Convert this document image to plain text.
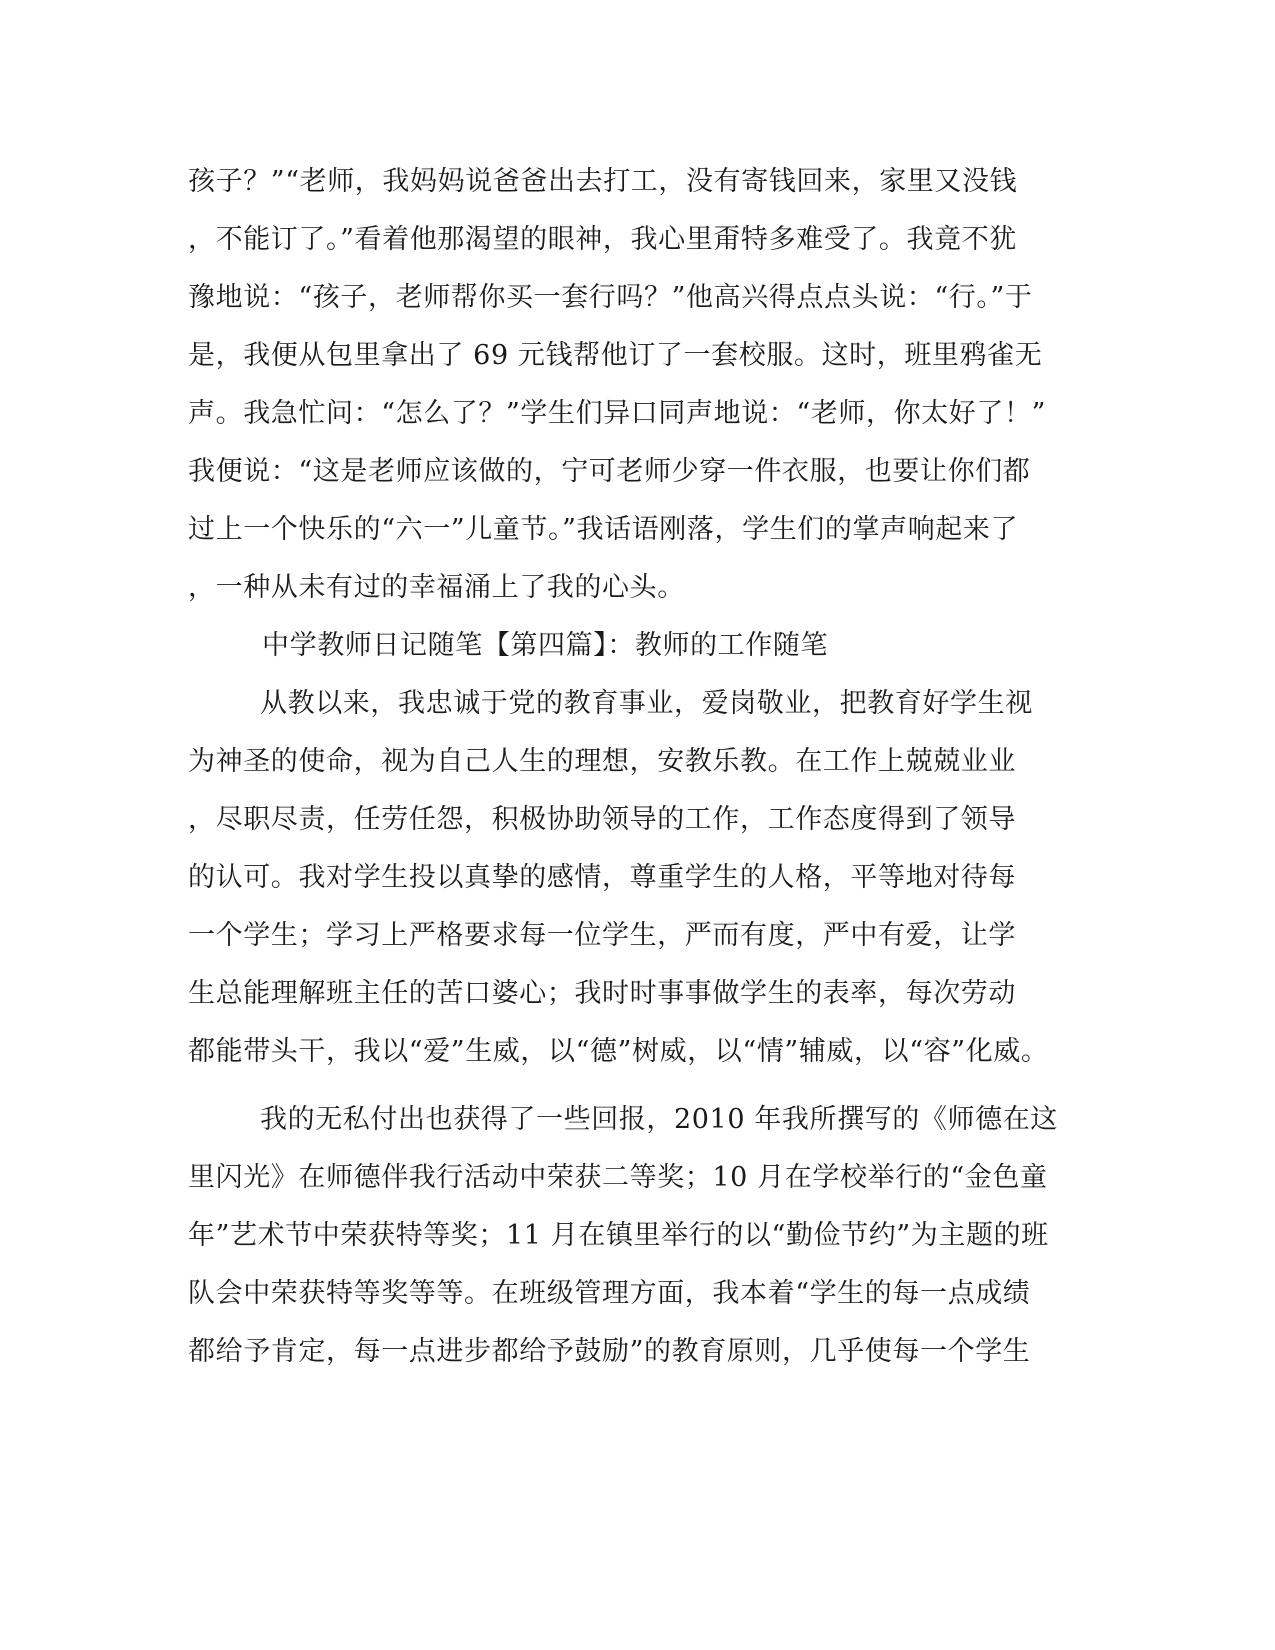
孩子？”“老师，我妈妈说爸爸出去打工，没有寄钱回来，家里又没钱
，不能订了。”看着他那渴望的眼神，我心里甭特多难受了。我竟不犹
豫地说：“孩子，老师帮你买一套行吗？”他高兴得点点头说：“行。”于
是，我便从包里拿出了 69 元钱帮他订了一套校服。这时，班里鸦雀无
声。我急忙问：“怎么了？”学生们异口同声地说：“老师，你太好了！”
我便说：“这是老师应该做的，宁可老师少穿一件衣服，也要让你们都
过上一个快乐的“六一”儿童节。”我话语刚落，学生们的掌声响起来了
，一种从未有过的幸福涌上了我的心头。
中学教师日记随笔【第四篇】：教师的工作随笔
从教以来，我忠诚于党的教育事业，爱岗敬业，把教育好学生视
为神圣的使命，视为自己人生的理想，安教乐教。在工作上兢兢业业
，尽职尽责，任劳任怨，积极协助领导的工作，工作态度得到了领导
的认可。我对学生投以真挚的感情，尊重学生的人格，平等地对待每
一个学生；学习上严格要求每一位学生，严而有度，严中有爱，让学
生总能理解班主任的苦口婆心；我时时事事做学生的表率，每次劳动
都能带头干，我以“爱”生威，以“德”树威，以“情”辅威，以“容”化威。
我的无私付出也获得了一些回报，2010 年我所撰写的《师德在这
里闪光》在师德伴我行活动中荣获二等奖；10 月在学校举行的“金色童
年”艺术节中荣获特等奖；11 月在镇里举行的以“勤俭节约”为主题的班
队会中荣获特等奖等等。在班级管理方面，我本着“学生的每一点成绩
都给予肯定，每一点进步都给予鼓励”的教育原则，几乎使每一个学生
